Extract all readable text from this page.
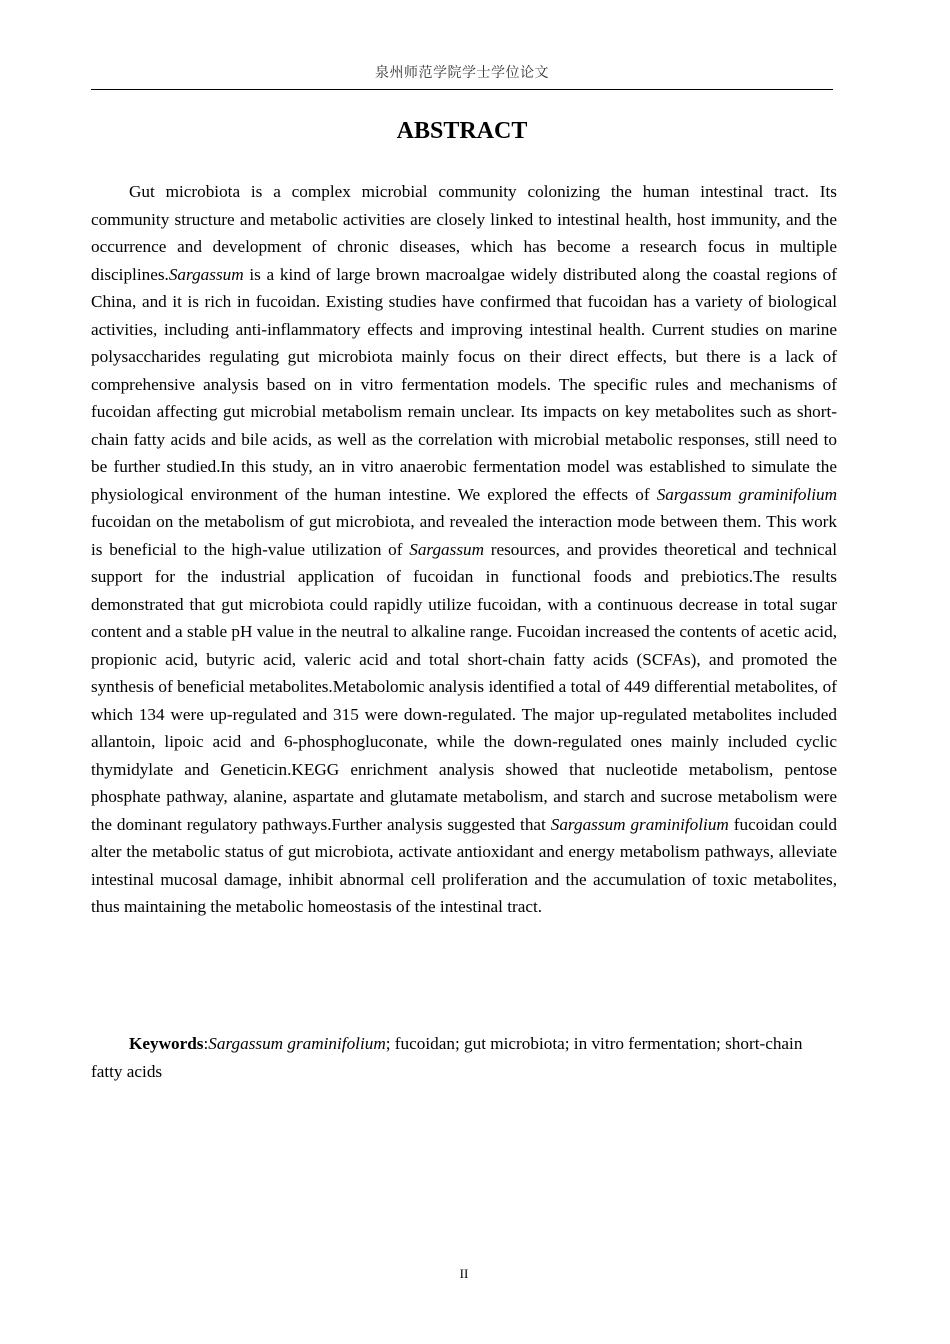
泉州师范学院学士学位论文
ABSTRACT

Gut microbiota is a complex microbial community colonizing the human intestinal tract. Its community structure and metabolic activities are closely linked to intestinal health, host immunity, and the occurrence and development of chronic diseases, which has become a research focus in multiple disciplines.Sargassum is a kind of large brown macroalgae widely distributed along the coastal regions of China, and it is rich in fucoidan. Existing studies have confirmed that fucoidan has a variety of biological activities, including anti-inflammatory effects and improving intestinal health. Current studies on marine polysaccharides regulating gut microbiota mainly focus on their direct effects, but there is a lack of comprehensive analysis based on in vitro fermentation models. The specific rules and mechanisms of fucoidan affecting gut microbial metabolism remain unclear. Its impacts on key metabolites such as short-chain fatty acids and bile acids, as well as the correlation with microbial metabolic responses, still need to be further studied.In this study, an in vitro anaerobic fermentation model was established to simulate the physiological environment of the human intestine. We explored the effects of Sargassum graminifolium fucoidan on the metabolism of gut microbiota, and revealed the interaction mode between them. This work is beneficial to the high-value utilization of Sargassum resources, and provides theoretical and technical support for the industrial application of fucoidan in functional foods and prebiotics.The results demonstrated that gut microbiota could rapidly utilize fucoidan, with a continuous decrease in total sugar content and a stable pH value in the neutral to alkaline range. Fucoidan increased the contents of acetic acid, propionic acid, butyric acid, valeric acid and total short-chain fatty acids (SCFAs), and promoted the synthesis of beneficial metabolites.Metabolomic analysis identified a total of 449 differential metabolites, of which 134 were up-regulated and 315 were down-regulated. The major up-regulated metabolites included allantoin, lipoic acid and 6-phosphogluconate, while the down-regulated ones mainly included cyclic thymidylate and Geneticin.KEGG enrichment analysis showed that nucleotide metabolism, pentose phosphate pathway, alanine, aspartate and glutamate metabolism, and starch and sucrose metabolism were the dominant regulatory pathways.Further analysis suggested that Sargassum graminifolium fucoidan could alter the metabolic status of gut microbiota, activate antioxidant and energy metabolism pathways, alleviate intestinal mucosal damage, inhibit abnormal cell proliferation and the accumulation of toxic metabolites, thus maintaining the metabolic homeostasis of the intestinal tract.

Keywords:Sargassum graminifolium; fucoidan; gut microbiota; in vitro fermentation; short-chain fatty acids

II
